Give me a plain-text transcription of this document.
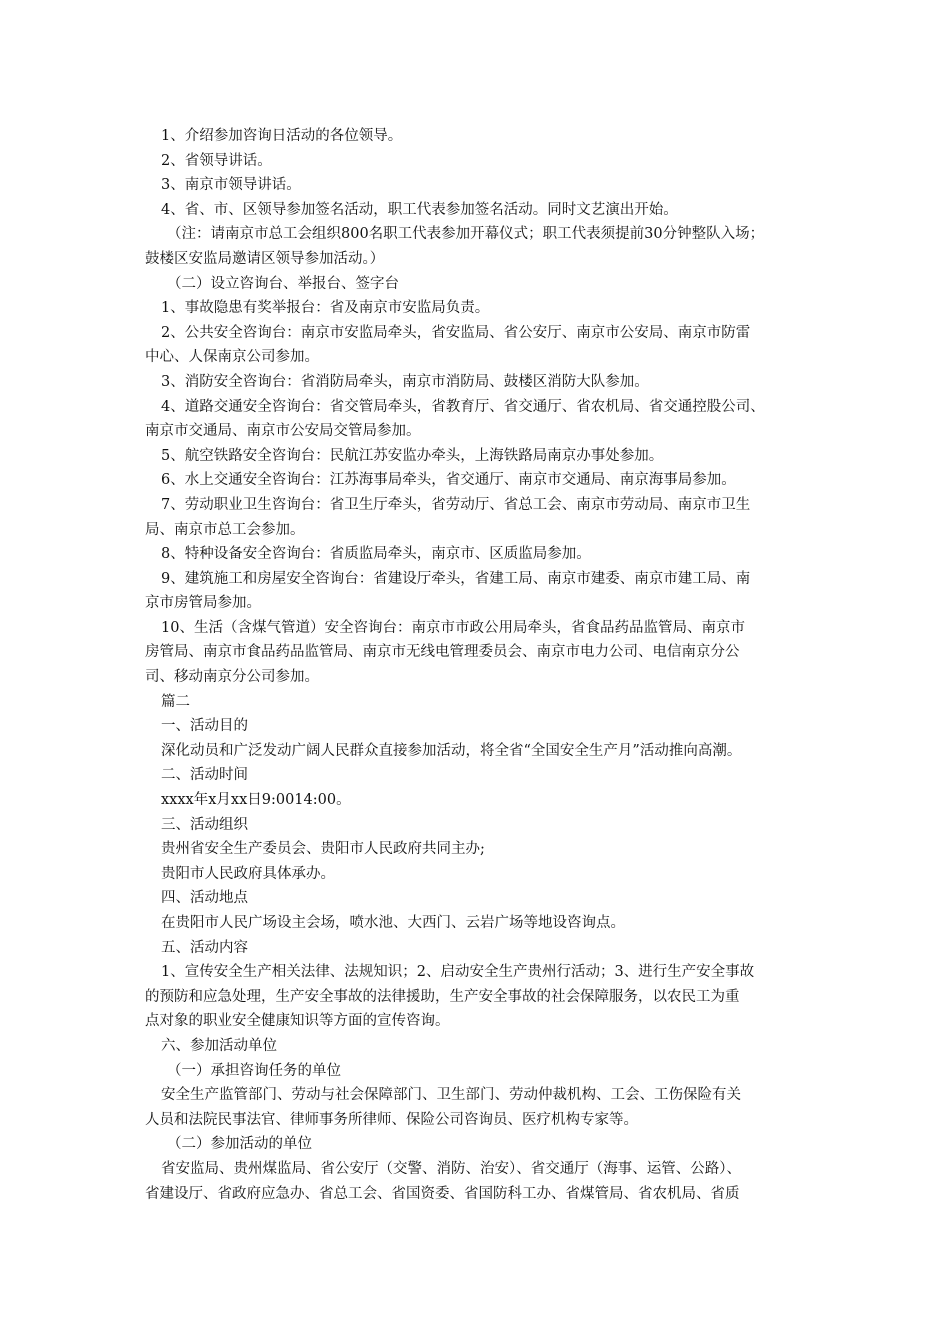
1、介绍参加咨询日活动的各位领导。
2、省领导讲话。
3、南京市领导讲话。
4、省、市、区领导参加签名活动，职工代表参加签名活动。同时文艺演出开始。
（注：请南京市总工会组织800名职工代表参加开幕仪式；职工代表须提前30分钟整队入场；
鼓楼区安监局邀请区领导参加活动。）
（二）设立咨询台、举报台、签字台
1、事故隐患有奖举报台：省及南京市安监局负责。
2、公共安全咨询台：南京市安监局牵头，省安监局、省公安厅、南京市公安局、南京市防雷
中心、人保南京公司参加。
3、消防安全咨询台：省消防局牵头，南京市消防局、鼓楼区消防大队参加。
4、道路交通安全咨询台：省交管局牵头，省教育厅、省交通厅、省农机局、省交通控股公司、
南京市交通局、南京市公安局交管局参加。
5、航空铁路安全咨询台：民航江苏安监办牵头，上海铁路局南京办事处参加。
6、水上交通安全咨询台：江苏海事局牵头，省交通厅、南京市交通局、南京海事局参加。
7、劳动职业卫生咨询台：省卫生厅牵头，省劳动厅、省总工会、南京市劳动局、南京市卫生
局、南京市总工会参加。
8、特种设备安全咨询台：省质监局牵头，南京市、区质监局参加。
9、建筑施工和房屋安全咨询台：省建设厅牵头，省建工局、南京市建委、南京市建工局、南
京市房管局参加。
10、生活（含煤气管道）安全咨询台：南京市市政公用局牵头，省食品药品监管局、南京市
房管局、南京市食品药品监管局、南京市无线电管理委员会、南京市电力公司、电信南京分公
司、移动南京分公司参加。
篇二
一、活动目的
深化动员和广泛发动广阔人民群众直接参加活动，将全省“全国安全生产月”活动推向高潮。
二、活动时间
xxxx年x月xx日9:0014:00。
三、活动组织
贵州省安全生产委员会、贵阳市人民政府共同主办;
贵阳市人民政府具体承办。
四、活动地点
在贵阳市人民广场设主会场，喷水池、大西门、云岩广场等地设咨询点。
五、活动内容
1、宣传安全生产相关法律、法规知识；2、启动安全生产贵州行活动；3、进行生产安全事故
的预防和应急处理，生产安全事故的法律援助，生产安全事故的社会保障服务，以农民工为重
点对象的职业安全健康知识等方面的宣传咨询。
六、参加活动单位
（一）承担咨询任务的单位
安全生产监管部门、劳动与社会保障部门、卫生部门、劳动仲裁机构、工会、工伤保险有关
人员和法院民事法官、律师事务所律师、保险公司咨询员、医疗机构专家等。
（二）参加活动的单位
省安监局、贵州煤监局、省公安厅（交警、消防、治安）、省交通厅（海事、运管、公路）、
省建设厅、省政府应急办、省总工会、省国资委、省国防科工办、省煤管局、省农机局、省质
